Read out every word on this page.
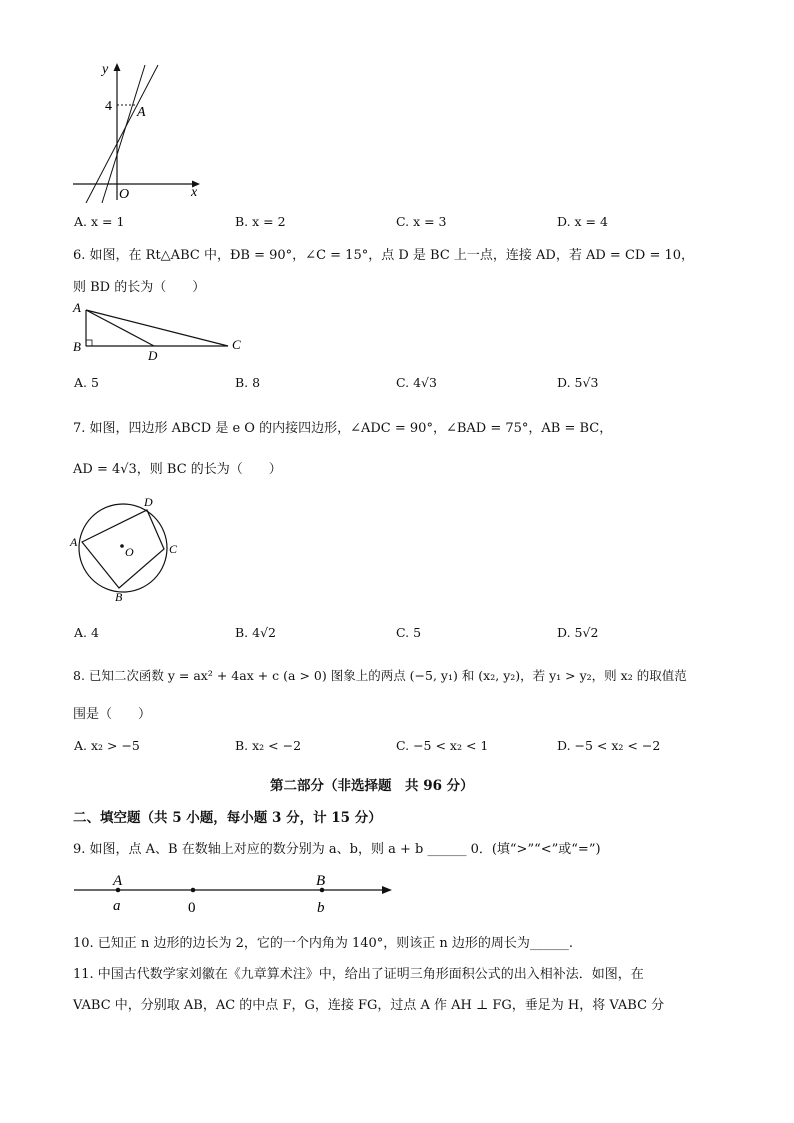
y
4 A
O	x
A. x = 1	B. x = 2	C. x = 3	D. x = 4
6. 如图，在 Rt△ABC 中，ÐB = 90°，∠C = 15°，点 D 是 BC 上一点，连接 AD，若 AD = CD = 10，
则 BD 的长为（　　）
A
B
D
C
A. 5	B. 8	C. 4√3	D. 5√3
7. 如图，四边形 ABCD 是 e O 的内接四边形，∠ADC = 90°，∠BAD = 75°，AB = BC，
AD = 4√3，则 BC 的长为（　　）
D
A
O	C
B
A. 4	B. 4√2	C. 5	D. 5√2
8. 已知二次函数 y = ax² + 4ax + c (a > 0) 图象上的两点 (−5, y₁) 和 (x₂, y₂)，若 y₁ > y₂，则 x₂ 的取值范
围是（　　）
A. x₂ > −5	B. x₂ < −2	C. −5 < x₂ < 1	D. −5 < x₂ < −2
第二部分（非选择题　共 96 分）
二、填空题（共 5 小题，每小题 3 分，计 15 分）
9. 如图，点 A、B 在数轴上对应的数分别为 a、b，则 a + b ______ 0．(填“>”“<”或“=”)
A
a	0
B
b
10. 已知正 n 边形的边长为 2，它的一个内角为 140°，则该正 n 边形的周长为______.
11. 中国古代数学家刘徽在《九章算术注》中，给出了证明三角形面积公式的出入相补法．如图，在
VABC 中，分别取 AB，AC 的中点 F，G，连接 FG，过点 A 作 AH ⊥ FG，垂足为 H，将 VABC 分
